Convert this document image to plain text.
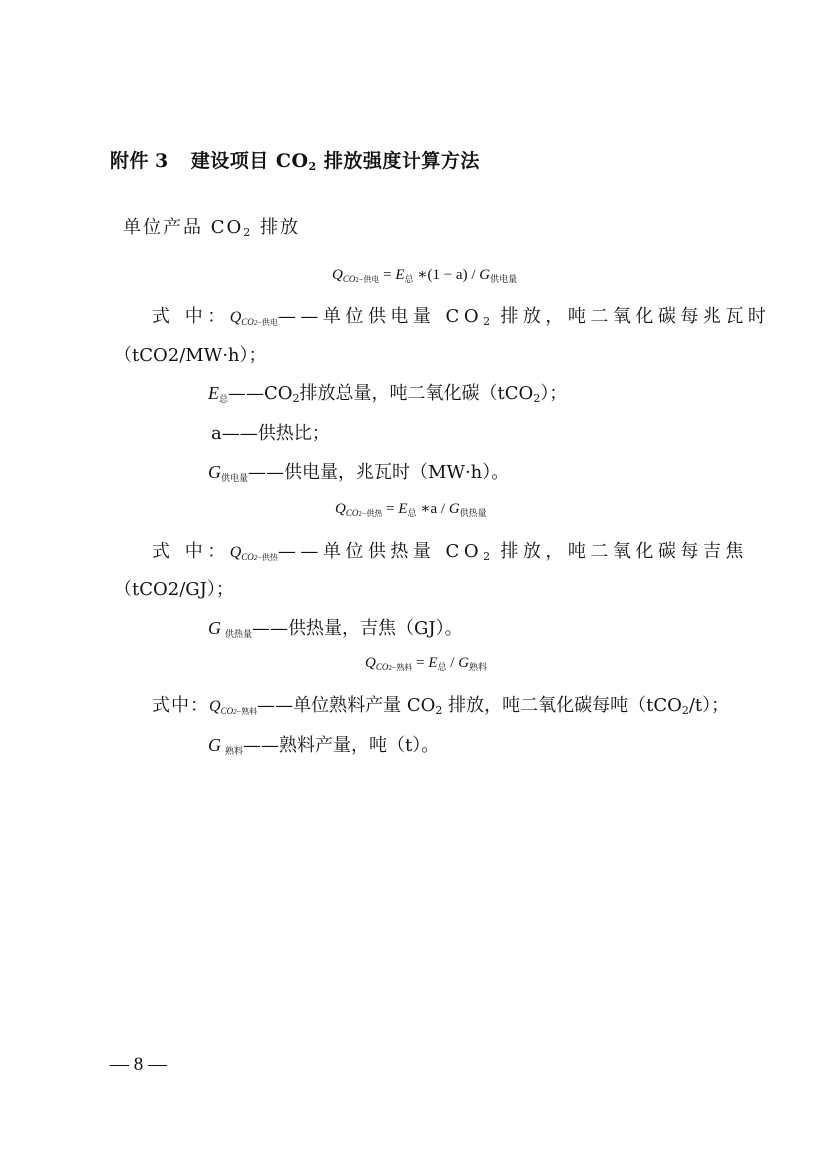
附件 3 建设项目 CO2 排放强度计算方法
单位产品 CO2 排放
$Q_{CO2-供电} = E_总$ ∗(1 − $a) / G_{供电量}$
式 中：$Q_{CO2-供电}——$单位供电量 CO2 排放，吨二氧化碳每兆瓦时
（tCO2/MW·h）；
$E_总——CO2$排放总量，吨二氧化碳（tCO2）；
a——供热比；
$G_{供电量}——$供电量，兆瓦时（MW·h）。
$Q_{CO2-供热} = E_总$ ∗a / $G_{供热量}$
式 中：$Q_{CO2-供热}——$单位供热量 CO2 排放，吨二氧化碳每吉焦
（tCO2/GJ）；
G $_{供热量}$——供热量，吉焦（GJ）。
$Q_{CO2-熟料} = E_总 / G_{熟料}$
式中：$Q_{CO2-熟料}——$单位熟料产量 CO2 排放，吨二氧化碳每吨（tCO2/t）；
G $_{熟料}$——熟料产量，吨（t）。
— 8 —
